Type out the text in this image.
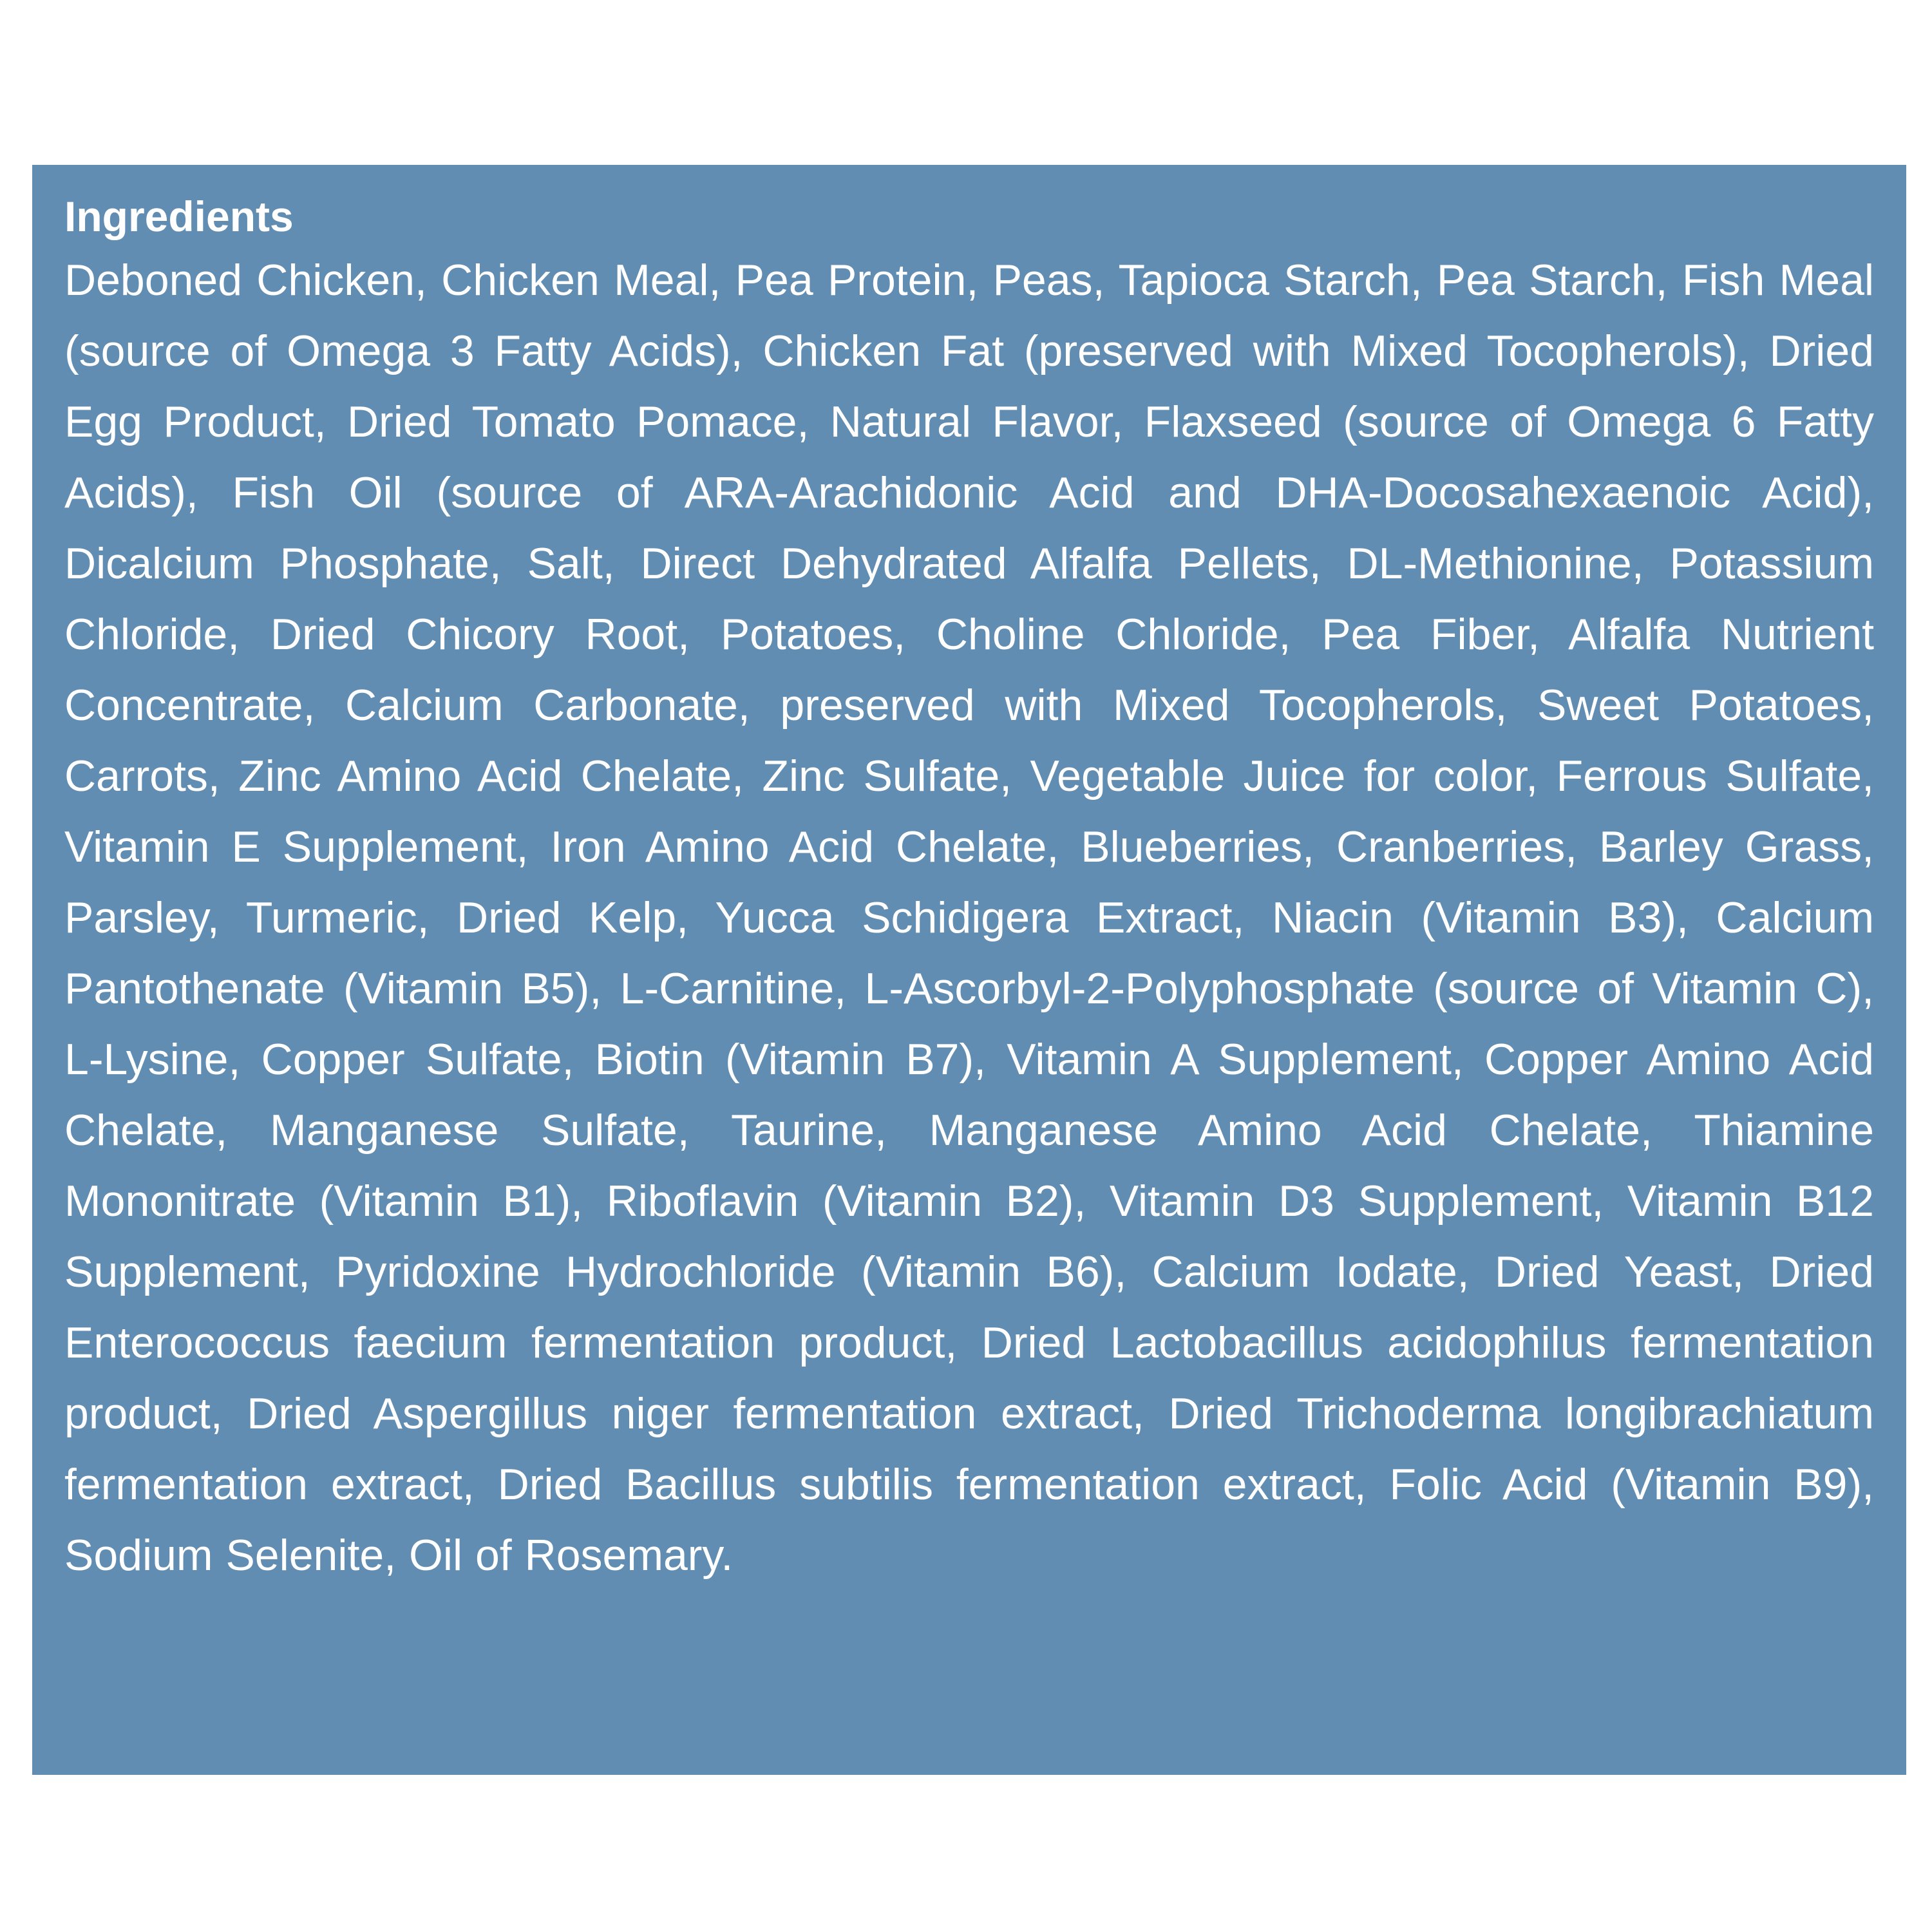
Ingredients

Deboned Chicken, Chicken Meal, Pea Protein, Peas, Tapioca Starch, Pea Starch, Fish Meal (source of Omega 3 Fatty Acids), Chicken Fat (preserved with Mixed Tocopherols), Dried Egg Product, Dried Tomato Pomace, Natural Flavor, Flaxseed (source of Omega 6 Fatty Acids), Fish Oil (source of ARA-Arachidonic Acid and DHA-Docosahexaenoic Acid), Dicalcium Phosphate, Salt, Direct Dehydrated Alfalfa Pellets, DL-Methionine, Potassium Chloride, Dried Chicory Root, Potatoes, Choline Chloride, Pea Fiber, Alfalfa Nutrient Concentrate, Calcium Carbonate, preserved with Mixed Tocopherols, Sweet Potatoes, Carrots, Zinc Amino Acid Chelate, Zinc Sulfate, Vegetable Juice for color, Ferrous Sulfate, Vitamin E Supplement, Iron Amino Acid Chelate, Blueberries, Cranberries, Barley Grass, Parsley, Turmeric, Dried Kelp, Yucca Schidigera Extract, Niacin (Vitamin B3), Calcium Pantothenate (Vitamin B5), L-Carnitine, L-Ascorbyl-2-Polyphosphate (source of Vitamin C), L-Lysine, Copper Sulfate, Biotin (Vitamin B7), Vitamin A Supplement, Copper Amino Acid Chelate, Manganese Sulfate, Taurine, Manganese Amino Acid Chelate, Thiamine Mononitrate (Vitamin B1), Riboflavin (Vitamin B2), Vitamin D3 Supplement, Vitamin B12 Supplement, Pyridoxine Hydrochloride (Vitamin B6), Calcium Iodate, Dried Yeast, Dried Enterococcus faecium fermentation product, Dried Lactobacillus acidophilus fermentation product, Dried Aspergillus niger fermentation extract, Dried Trichoderma longibrachiatum fermentation extract, Dried Bacillus subtilis fermentation extract, Folic Acid (Vitamin B9), Sodium Selenite, Oil of Rosemary.
